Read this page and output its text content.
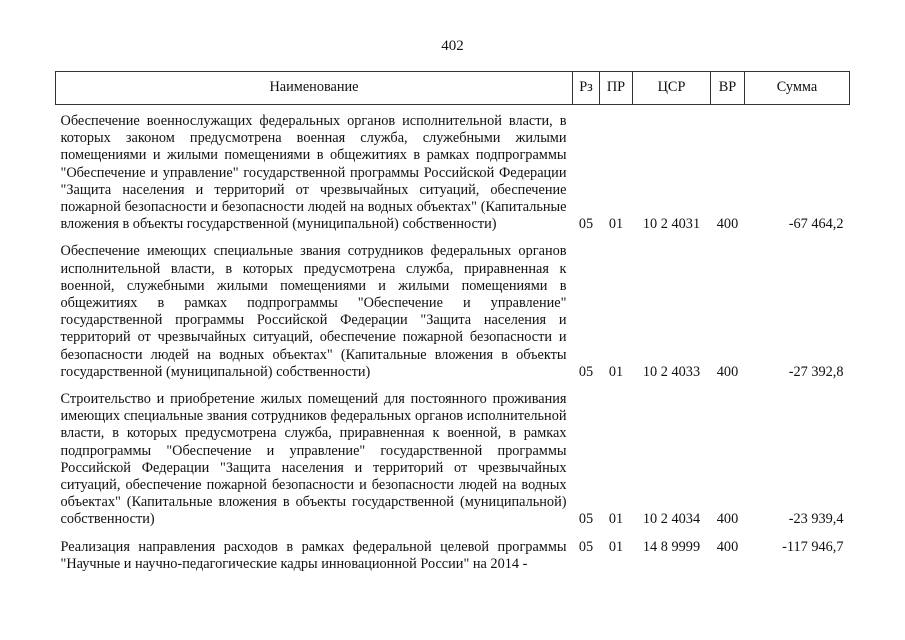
402
Наименование	Рз	ПР	ЦСР	ВР	Сумма
Обеспечение военнослужащих федеральных органов исполнительной власти, в которых законом предусмотрена военная служба, служебными жилыми помещениями и жилыми помещениями в общежитиях в рамках подпрограммы "Обеспечение и управление" государственной программы Российской Федерации "Защита населения и территорий от чрезвычайных ситуаций, обеспечение пожарной безопасности и безопасности людей на водных объектах" (Капитальные вложения в объекты государственной (муниципальной) собственности)	05	01	10 2 4031	400	-67 464,2
Обеспечение имеющих специальные звания сотрудников федеральных органов исполнительной власти, в которых предусмотрена служба, приравненная к военной, служебными жилыми помещениями и жилыми помещениями в общежитиях в рамках подпрограммы "Обеспечение и управление" государственной программы Российской Федерации "Защита населения и территорий от чрезвычайных ситуаций, обеспечение пожарной безопасности и безопасности людей на водных объектах" (Капитальные вложения в объекты государственной (муниципальной) собственности)	05	01	10 2 4033	400	-27 392,8
Строительство и приобретение жилых помещений для постоянного проживания имеющих специальные звания сотрудников федеральных органов исполнительной власти, в которых предусмотрена служба, приравненная к военной, в рамках подпрограммы "Обеспечение и управление" государственной программы Российской Федерации "Защита населения и территорий от чрезвычайных ситуаций, обеспечение пожарной безопасности и безопасности людей на водных объектах" (Капитальные вложения в объекты государственной (муниципальной) собственности)	05	01	10 2 4034	400	-23 939,4

Реализация направления расходов в рамках федеральной целевой программы "Научные и научно-педагогические кадры инновационной России" на 2014 -	05	01	14 8 9999	400	-117 946,7
